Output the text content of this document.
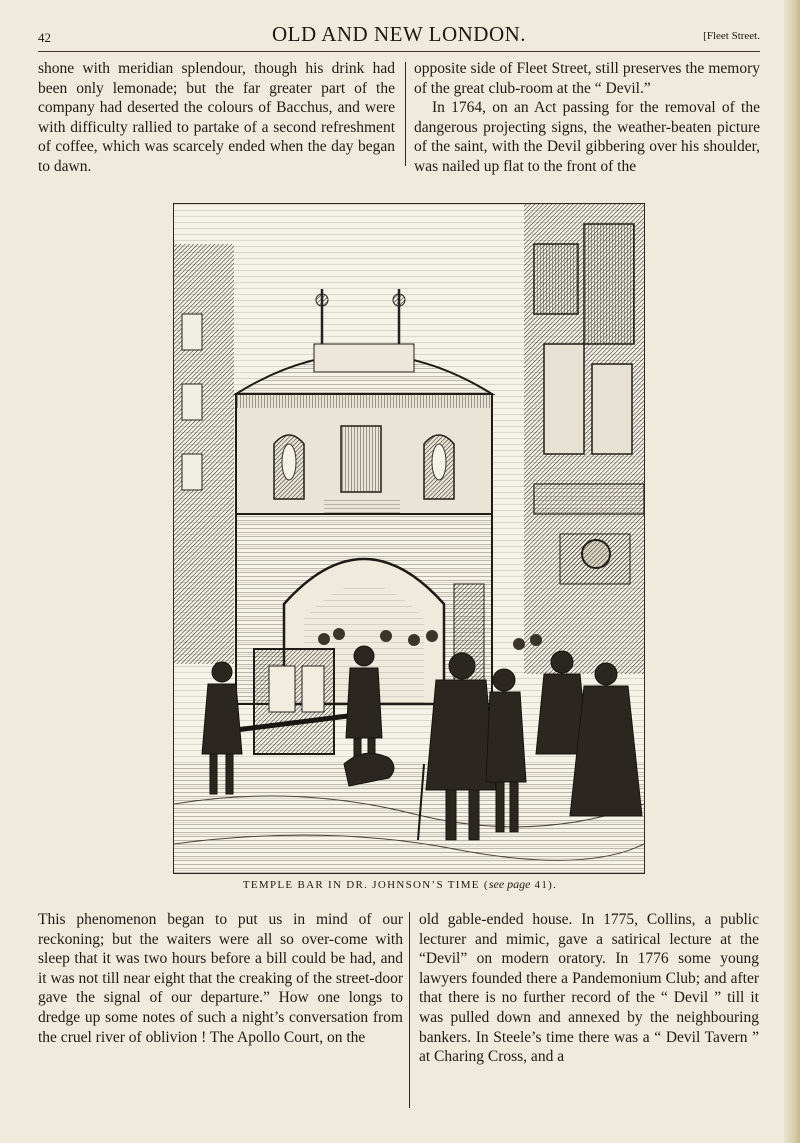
42	OLD AND NEW LONDON.	[Fleet Street.

shone with meridian splendour, though his drink had been only lemonade; but the far greater part of the company had deserted the colours of Bacchus, and were with difficulty rallied to partake of a second refreshment of coffee, which was scarcely ended when the day began to dawn.

opposite side of Fleet Street, still preserves the memory of the great club-room at the “ Devil.”

In 1764, on an Act passing for the removal of the dangerous projecting signs, the weather-beaten picture of the saint, with the Devil gibbering over his shoulder, was nailed up flat to the front of the

TEMPLE BAR IN DR. JOHNSON’S TIME (see page 41).

This phenomenon began to put us in mind of our reckoning; but the waiters were all so over-come with sleep that it was two hours before a bill could be had, and it was not till near eight that the creaking of the street-door gave the signal of our departure.” How one longs to dredge up some notes of such a night’s conversation from the cruel river of oblivion ! The Apollo Court, on the

old gable-ended house. In 1775, Collins, a public lecturer and mimic, gave a satirical lecture at the “Devil” on modern oratory. In 1776 some young lawyers founded there a Pandemonium Club; and after that there is no further record of the “ Devil ” till it was pulled down and annexed by the neighbouring bankers. In Steele’s time there was a “ Devil Tavern ” at Charing Cross, and a
